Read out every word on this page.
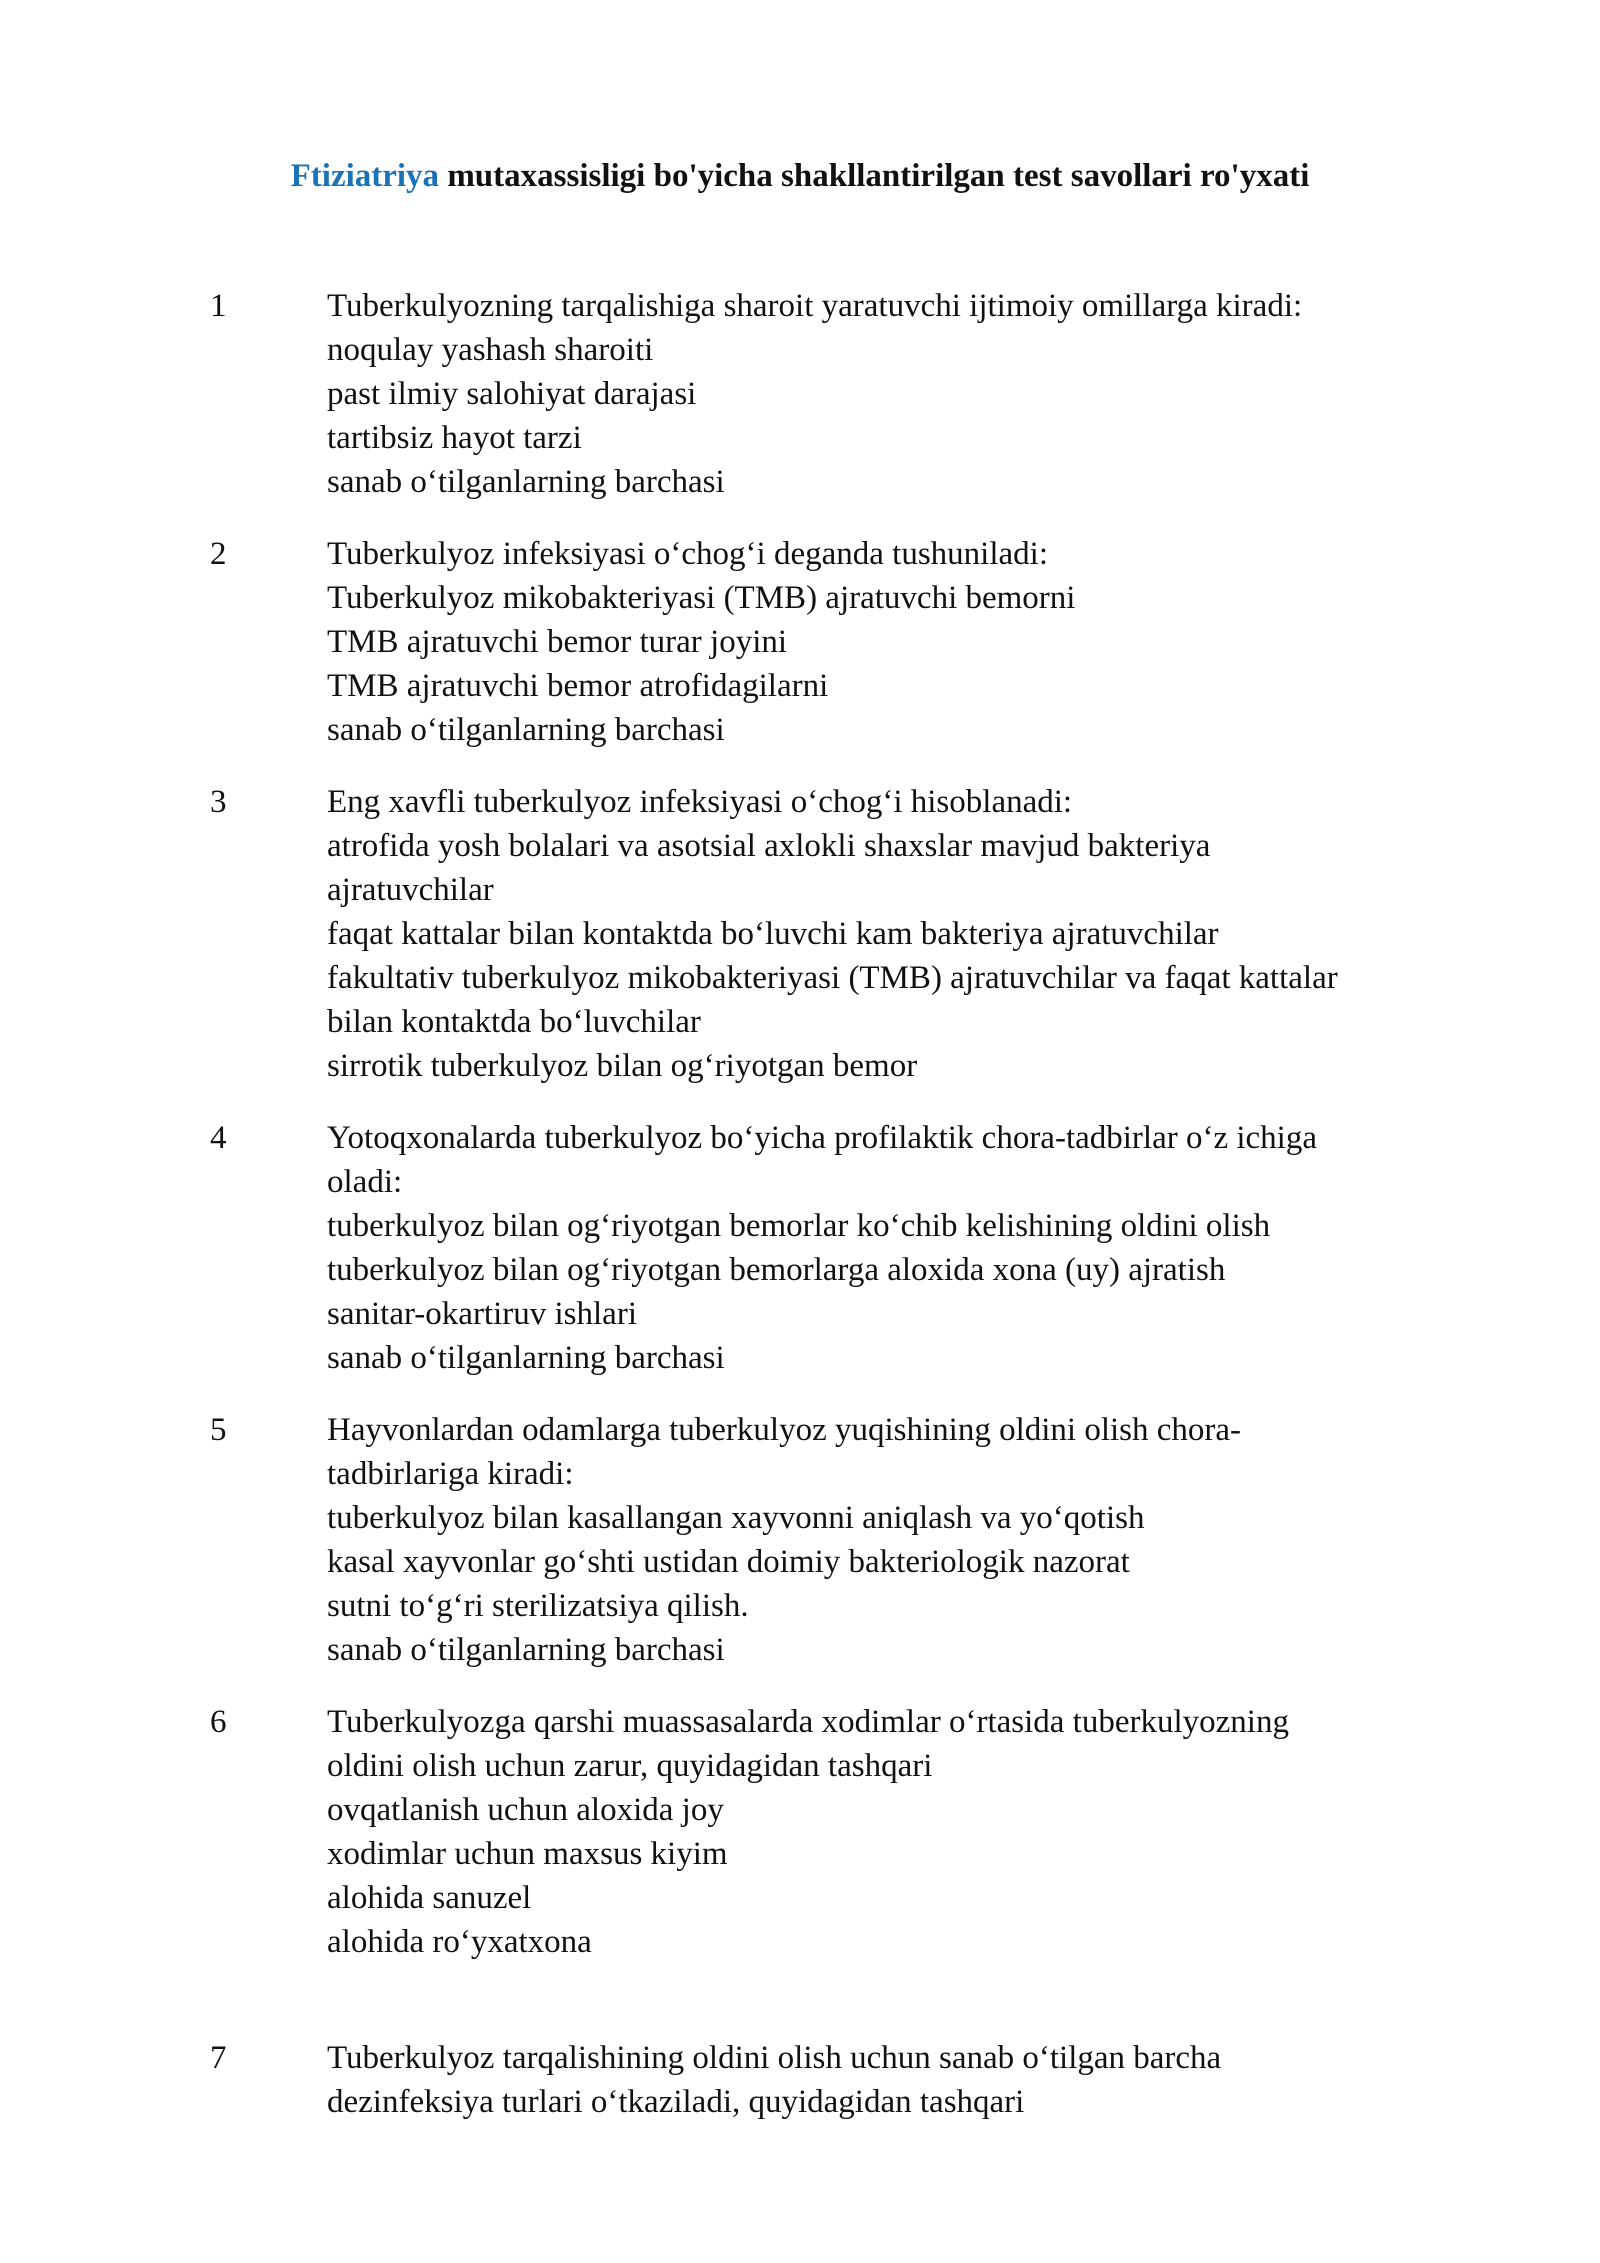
Ftiziatriya mutaxassisligi bo'yicha shakllantirilgan test savollari ro'yxati
1	Tuberkulyozning tarqalishiga sharoit yaratuvchi ijtimoiy omillarga kiradi:
noqulay yashash sharoiti
past ilmiy salohiyat darajasi
tartibsiz hayot tarzi
sanab o‘tilganlarning barchasi
2	Tuberkulyoz infeksiyasi o‘chog‘i deganda tushuniladi:
Tuberkulyoz mikobakteriyasi (TMB) ajratuvchi bemorni
TMB ajratuvchi bemor turar joyini
TMB ajratuvchi bemor atrofidagilarni
sanab o‘tilganlarning barchasi
3	Eng xavfli tuberkulyoz infeksiyasi o‘chog‘i hisoblanadi:
atrofida yosh bolalari va asotsial axlokli shaxslar mavjud bakteriya
ajratuvchilar
faqat kattalar bilan kontaktda bo‘luvchi kam bakteriya ajratuvchilar
fakultativ tuberkulyoz mikobakteriyasi (TMB) ajratuvchilar va faqat kattalar
bilan kontaktda bo‘luvchilar
sirrotik tuberkulyoz bilan og‘riyotgan bemor
4	Yotoqxonalarda tuberkulyoz bo‘yicha profilaktik chora-tadbirlar o‘z ichiga
oladi:
tuberkulyoz bilan og‘riyotgan bemorlar ko‘chib kelishining oldini olish
tuberkulyoz bilan og‘riyotgan bemorlarga aloxida xona (uy) ajratish
sanitar-okartiruv ishlari
sanab o‘tilganlarning barchasi
5	Hayvonlardan odamlarga tuberkulyoz yuqishining oldini olish chora-
tadbirlariga kiradi:
tuberkulyoz bilan kasallangan xayvonni aniqlash va yo‘qotish
kasal xayvonlar go‘shti ustidan doimiy bakteriologik nazorat
sutni to‘g‘ri sterilizatsiya qilish.
sanab o‘tilganlarning barchasi
6	Tuberkulyozga qarshi muassasalarda xodimlar o‘rtasida tuberkulyozning
oldini olish uchun zarur, quyidagidan tashqari
ovqatlanish uchun aloxida joy
xodimlar uchun maxsus kiyim
alohida sanuzel
alohida ro‘yxatxona
7	Tuberkulyoz tarqalishining oldini olish uchun sanab o‘tilgan barcha
dezinfeksiya turlari o‘tkaziladi, quyidagidan tashqari
